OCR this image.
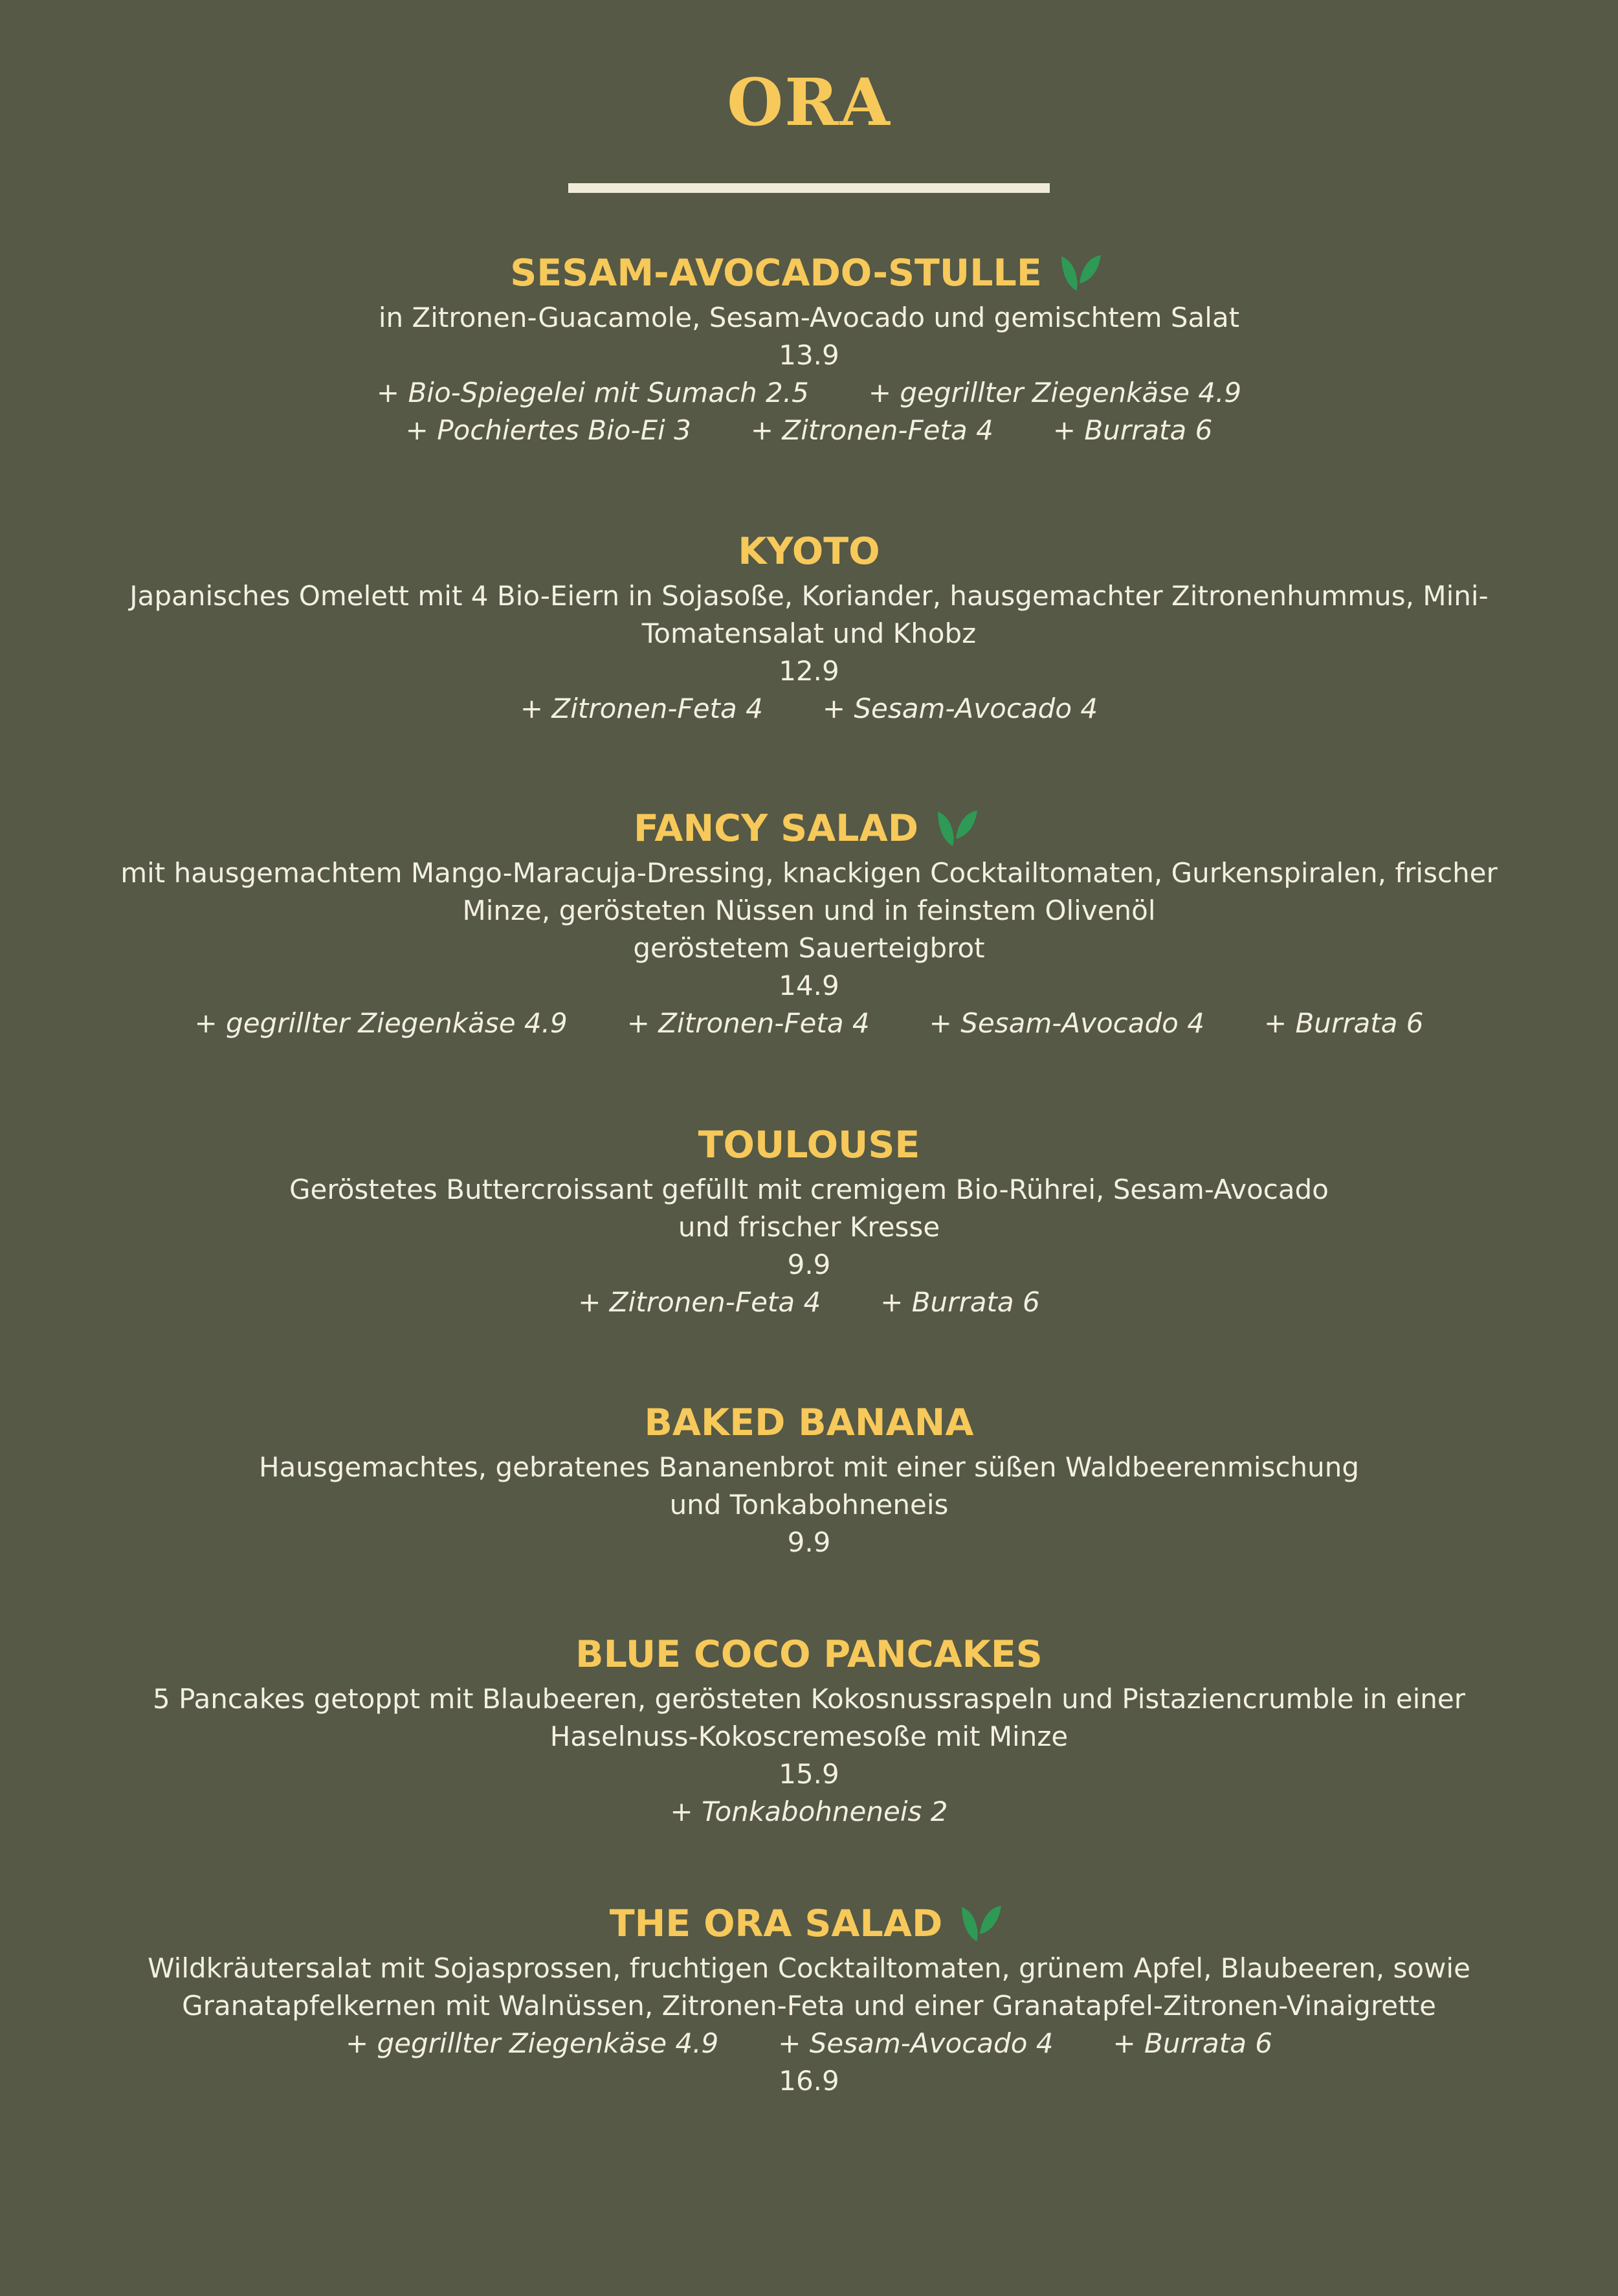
ORA
SESAM-AVOCADO-STULLE
in Zitronen-Guacamole, Sesam-Avocado und gemischtem Salat
13.9
+ Bio-Spiegelei mit Sumach 2.5 + gegrillter Ziegenkäse 4.9
+ Pochiertes Bio-Ei 3 + Zitronen-Feta 4 + Burrata 6
KYOTO
Japanisches Omelett mit 4 Bio-Eiern in Sojasoße, Koriander, hausgemachter Zitronenhummus, Mini-
Tomatensalat und Khobz
12.9
+ Zitronen-Feta 4 + Sesam-Avocado 4
FANCY SALAD
mit hausgemachtem Mango-Maracuja-Dressing, knackigen Cocktailtomaten, Gurkenspiralen, frischer
Minze, gerösteten Nüssen und in feinstem Olivenöl
geröstetem Sauerteigbrot
14.9
+ gegrillter Ziegenkäse 4.9 + Zitronen-Feta 4 + Sesam-Avocado 4 + Burrata 6
TOULOUSE
Geröstetes Buttercroissant gefüllt mit cremigem Bio-Rührei, Sesam-Avocado
und frischer Kresse
9.9
+ Zitronen-Feta 4 + Burrata 6
BAKED BANANA
Hausgemachtes, gebratenes Bananenbrot mit einer süßen Waldbeerenmischung
und Tonkabohneneis
9.9
BLUE COCO PANCAKES
5 Pancakes getoppt mit Blaubeeren, gerösteten Kokosnussraspeln und Pistaziencrumble in einer
Haselnuss-Kokoscremesoße mit Minze
15.9
+ Tonkabohneneis 2
THE ORA SALAD
Wildkräutersalat mit Sojasprossen, fruchtigen Cocktailtomaten, grünem Apfel, Blaubeeren, sowie
Granatapfelkernen mit Walnüssen, Zitronen-Feta und einer Granatapfel-Zitronen-Vinaigrette
+ gegrillter Ziegenkäse 4.9 + Sesam-Avocado 4 + Burrata 6
16.9
